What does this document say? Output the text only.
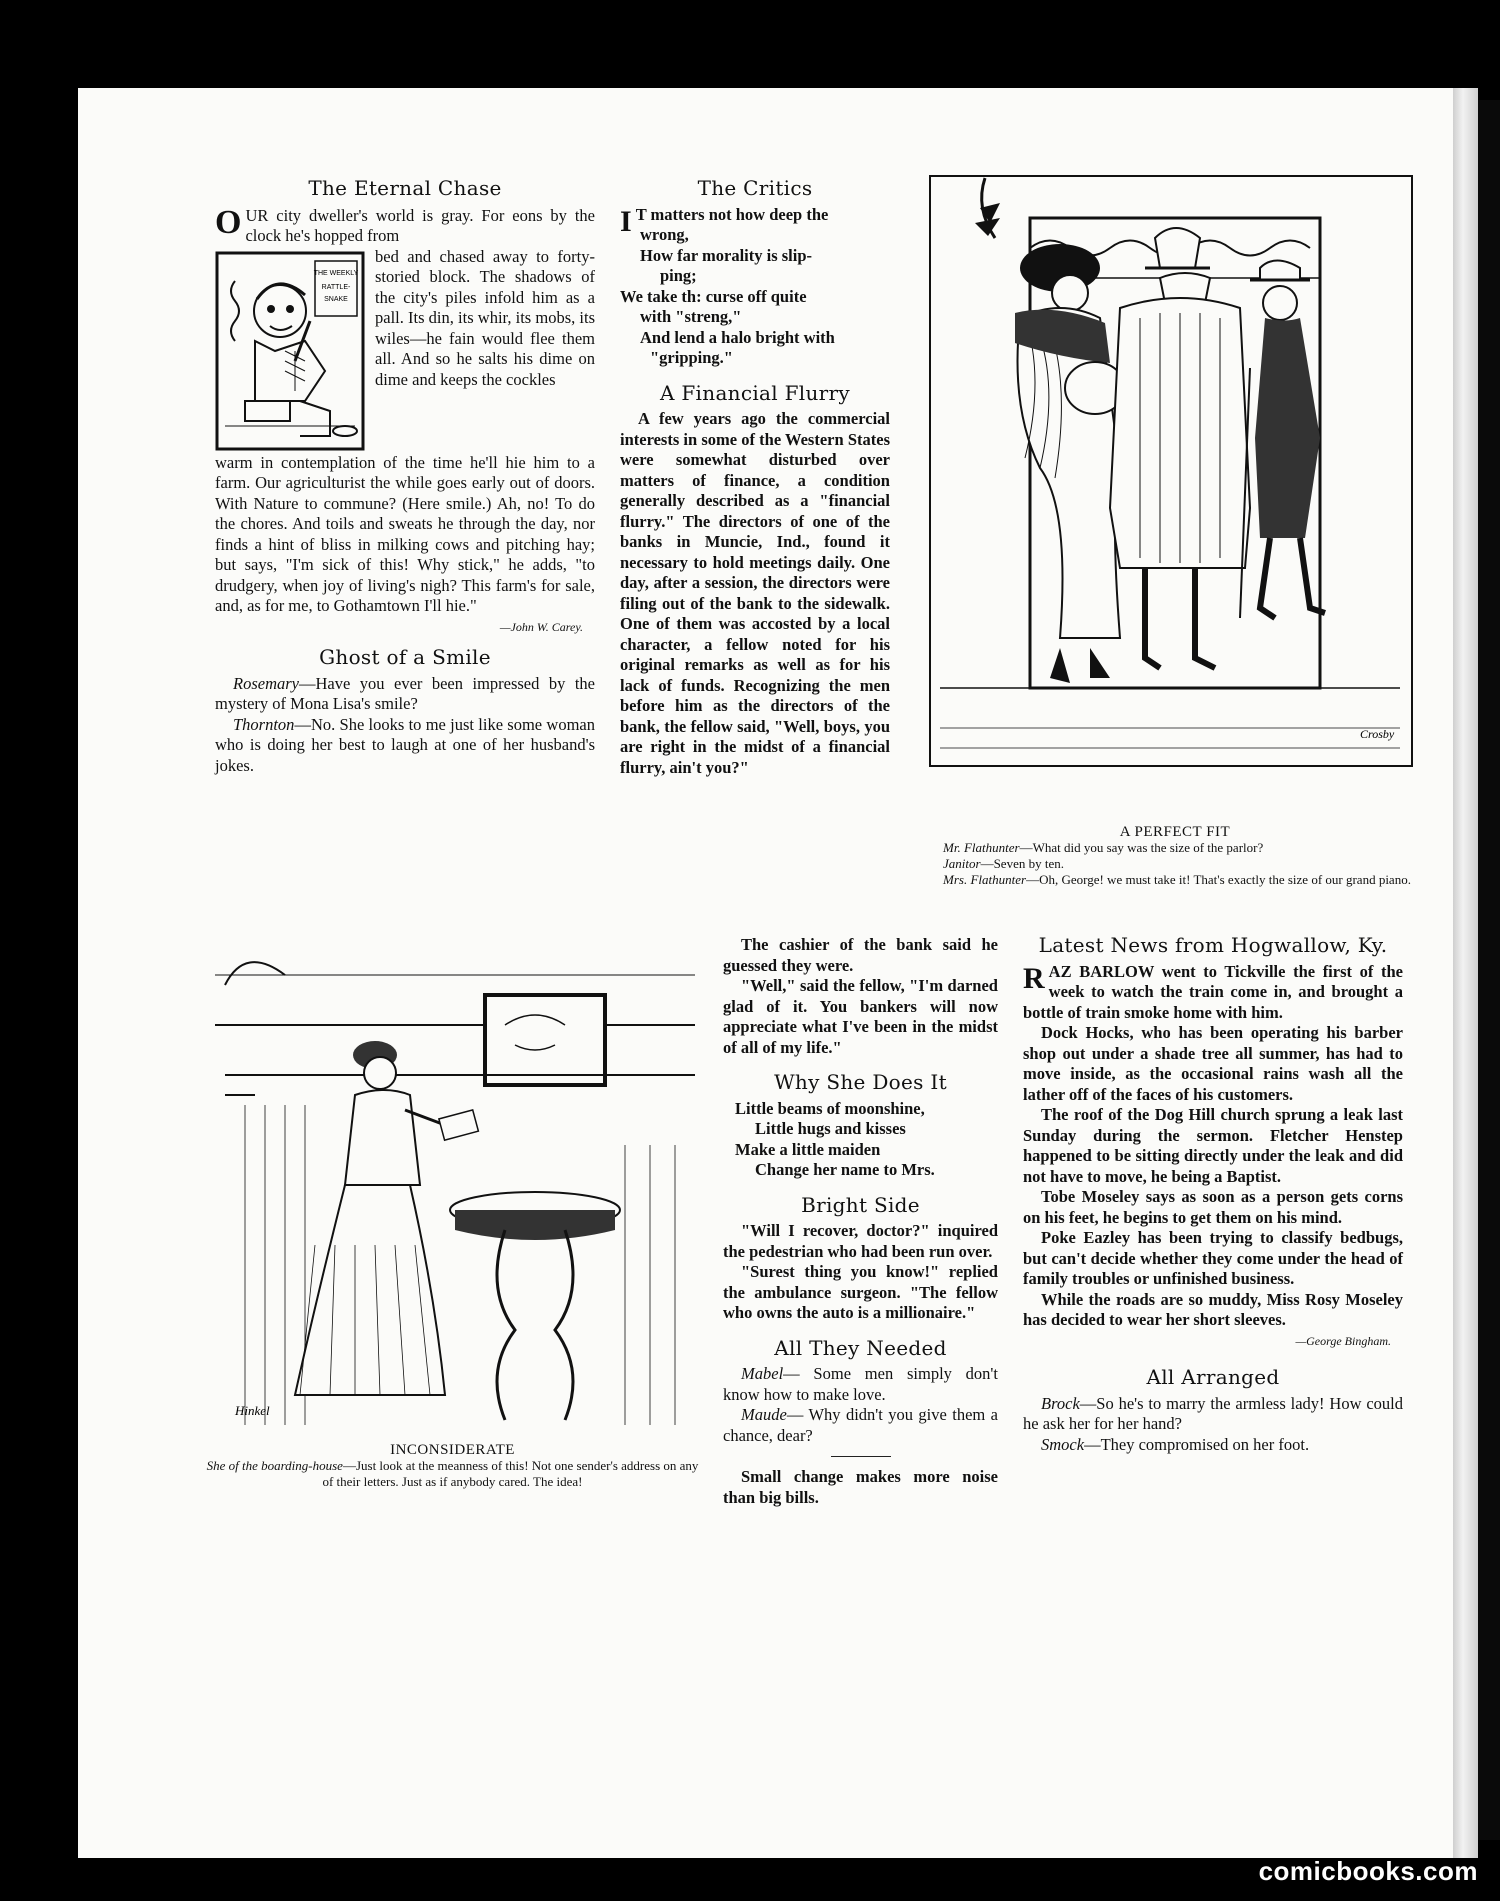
The Eternal Chase
OUR city dweller's world is gray. For eons by the clock he's hopped from
THE WEEKLY
RATTLE-
SNAKE
bed and chased away to forty-storied block. The shadows of the city's piles infold him as a pall. Its din, its whir, its mobs, its wiles—he fain would flee them all. And so he salts his dime on dime and keeps the cockles
warm in contemplation of the time he'll hie him to a farm. Our agriculturist the while goes early out of doors. With Nature to commune? (Here smile.) Ah, no! To do the chores. And toils and sweats he through the day, nor finds a hint of bliss in milking cows and pitching hay; but says, "I'm sick of this! Why stick," he adds, "to drudgery, when joy of living's nigh? This farm's for sale, and, as for me, to Gothamtown I'll hie."
—John W. Carey.
Ghost of a Smile

Rosemary—Have you ever been impressed by the mystery of Mona Lisa's smile?

Thornton—No. She looks to me just like some woman who is doing her best to laugh at one of her husband's jokes.

The Critics
I T matters not how deep the
wrong,
How far morality is slip-
ping;
We take th: curse off quite
with "streng,"
And lend a halo bright with
"gripping."
A Financial Flurry

A few years ago the commercial interests in some of the Western States were somewhat disturbed over matters of finance, a condition generally described as a "financial flurry." The directors of one of the banks in Muncie, Ind., found it necessary to hold meetings daily. One day, after a session, the directors were filing out of the bank to the sidewalk. One of them was accosted by a local character, a fellow noted for his original remarks as well as for his lack of funds. Recognizing the men before him as the directors of the bank, the fellow said, "Well, boys, you are right in the midst of a financial flurry, ain't you?"

Crosby
A PERFECT FIT
Mr. Flathunter—What did you say was the size of the parlor?
Janitor—Seven by ten.
Mrs. Flathunter—Oh, George! we must take it! That's exactly the size of our grand piano.
Hinkel
INCONSIDERATE
She of the boarding-house—Just look at the meanness of this! Not one sender's address on any of their letters. Just as if anybody cared. The idea!

The cashier of the bank said he guessed they were.

"Well," said the fellow, "I'm darned glad of it. You bankers will now appreciate what I've been in the midst of all of my life."

Why She Does It
Little beams of moonshine,
Little hugs and kisses
Make a little maiden
Change her name to Mrs.
Bright Side

"Will I recover, doctor?" inquired the pedestrian who had been run over.

"Surest thing you know!" replied the ambulance surgeon. "The fellow who owns the auto is a millionaire."

All They Needed

Mabel— Some men simply don't know how to make love.

Maude— Why didn't you give them a chance, dear?

Small change makes more noise than big bills.

Latest News from Hogwallow, Ky.
RAZ BARLOW went to Tickville the first of the week to watch the train come in, and brought a bottle of train smoke home with him.

Dock Hocks, who has been operating his barber shop out under a shade tree all summer, has had to move inside, as the occasional rains wash all the lather off of the faces of his customers.

The roof of the Dog Hill church sprung a leak last Sunday during the sermon. Fletcher Henstep happened to be sitting directly under the leak and did not have to move, he being a Baptist.

Tobe Moseley says as soon as a person gets corns on his feet, he begins to get them on his mind.

Poke Eazley has been trying to classify bedbugs, but can't decide whether they come under the head of family troubles or unfinished business.

While the roads are so muddy, Miss Rosy Moseley has decided to wear her short sleeves.

—George Bingham.
All Arranged

Brock—So he's to marry the armless lady! How could he ask her for her hand?

Smock—They compromised on her foot.

comicbooks.com
